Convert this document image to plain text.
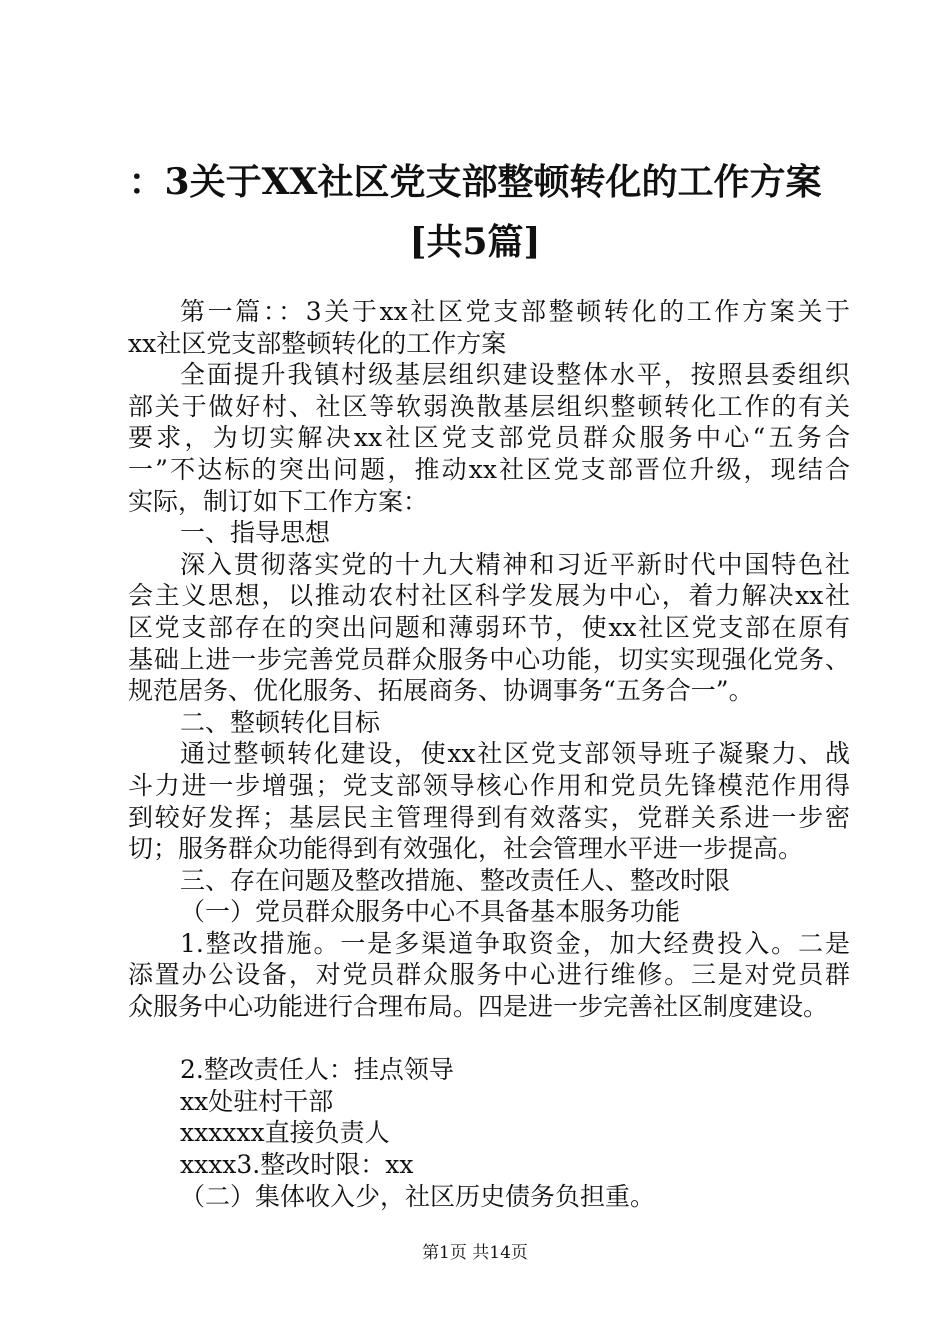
：3关于XX社区党支部整顿转化的工作方案
[共5篇]
第一篇：：3关于xx社区党支部整顿转化的工作方案关于
xx社区党支部整顿转化的工作方案
全面提升我镇村级基层组织建设整体水平，按照县委组织
部关于做好村、社区等软弱涣散基层组织整顿转化工作的有关
要求，为切实解决xx社区党支部党员群众服务中心“五务合
一”不达标的突出问题，推动xx社区党支部晋位升级，现结合
实际，制订如下工作方案：
一、指导思想
深入贯彻落实党的十九大精神和习近平新时代中国特色社
会主义思想，以推动农村社区科学发展为中心，着力解决xx社
区党支部存在的突出问题和薄弱环节，使xx社区党支部在原有
基础上进一步完善党员群众服务中心功能，切实实现强化党务、
规范居务、优化服务、拓展商务、协调事务“五务合一”。
二、整顿转化目标
通过整顿转化建设，使xx社区党支部领导班子凝聚力、战
斗力进一步增强；党支部领导核心作用和党员先锋模范作用得
到较好发挥；基层民主管理得到有效落实，党群关系进一步密
切；服务群众功能得到有效强化，社会管理水平进一步提高。
三、存在问题及整改措施、整改责任人、整改时限
（一）党员群众服务中心不具备基本服务功能
1.整改措施。一是多渠道争取资金，加大经费投入。二是
添置办公设备，对党员群众服务中心进行维修。三是对党员群
众服务中心功能进行合理布局。四是进一步完善社区制度建设。
2.整改责任人：挂点领导
xx处驻村干部
xxxxxx直接负责人
xxxx3.整改时限：xx
（二）集体收入少，社区历史债务负担重。
第1页 共14页
